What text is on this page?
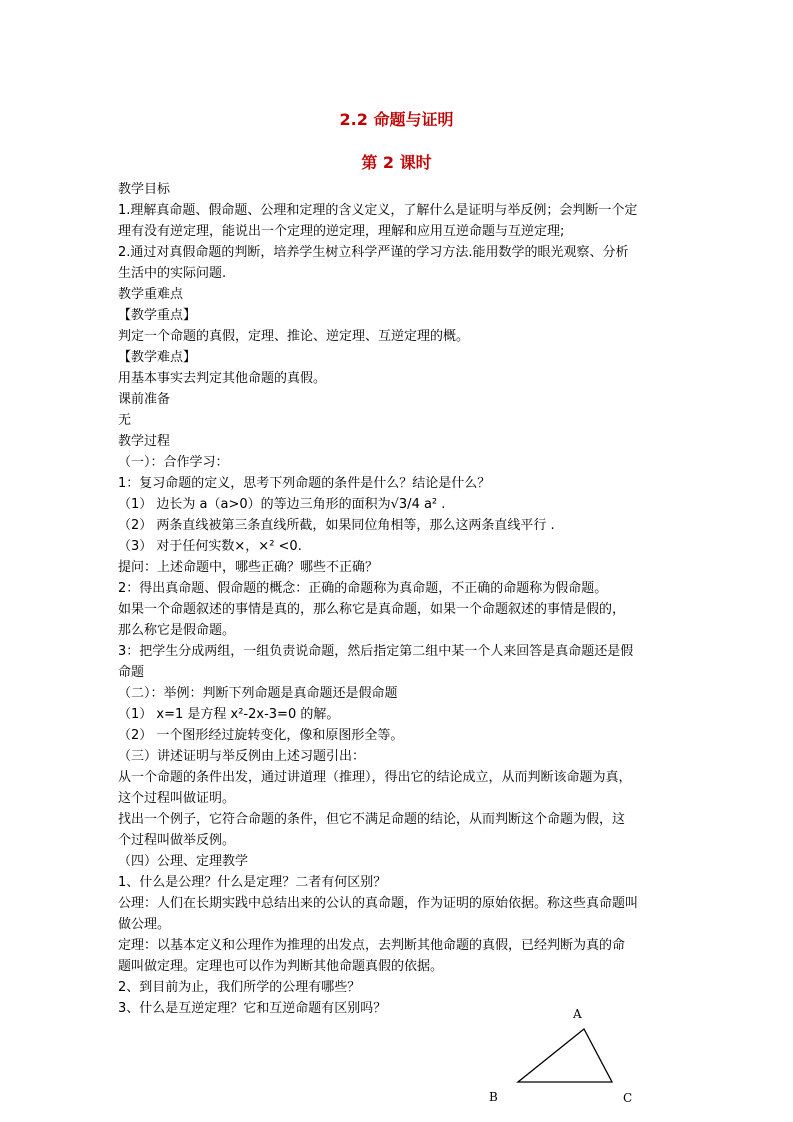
2.2 命题与证明
第 2 课时
教学目标
1.理解真命题、假命题、公理和定理的含义定义，了解什么是证明与举反例；会判断一个定
理有没有逆定理，能说出一个定理的逆定理，理解和应用互逆命题与互逆定理;
2.通过对真假命题的判断，培养学生树立科学严谨的学习方法.能用数学的眼光观察、分析
生活中的实际问题.
教学重难点
【教学重点】
判定一个命题的真假，定理、推论、逆定理、互逆定理的概。
【教学难点】
用基本事实去判定其他命题的真假。
课前准备
无
教学过程
（一）：合作学习：
1：复习命题的定义，思考下列命题的条件是什么？结论是什么？
（1） 边长为 a（a>0）的等边三角形的面积为√3/4 a² .
（2） 两条直线被第三条直线所截，如果同位角相等，那么这两条直线平行 .
（3） 对于任何实数×，×² <0.
提问：上述命题中，哪些正确？哪些不正确？
2：得出真命题、假命题的概念：正确的命题称为真命题，不正确的命题称为假命题。
如果一个命题叙述的事情是真的，那么称它是真命题，如果一个命题叙述的事情是假的，
那么称它是假命题。
3：把学生分成两组，一组负责说命题，然后指定第二组中某一个人来回答是真命题还是假
命题
（二）：举例：判断下列命题是真命题还是假命题
（1） x=1 是方程 x²-2x-3=0 的解。
（2） 一个图形经过旋转变化，像和原图形全等。
（三）讲述证明与举反例由上述习题引出：
从一个命题的条件出发，通过讲道理（推理），得出它的结论成立，从而判断该命题为真，
这个过程叫做证明。
找出一个例子，它符合命题的条件，但它不满足命题的结论，从而判断这个命题为假，这
个过程叫做举反例。
（四）公理、定理教学
1、什么是公理？什么是定理？二者有何区别？
公理：人们在长期实践中总结出来的公认的真命题，作为证明的原始依据。称这些真命题叫
做公理。
定理：以基本定义和公理作为推理的出发点，去判断其他命题的真假，已经判断为真的命
题叫做定理。定理也可以作为判断其他命题真假的依据。
2、到目前为止，我们所学的公理有哪些？
3、什么是互逆定理？它和互逆命题有区别吗？	A
B	C
